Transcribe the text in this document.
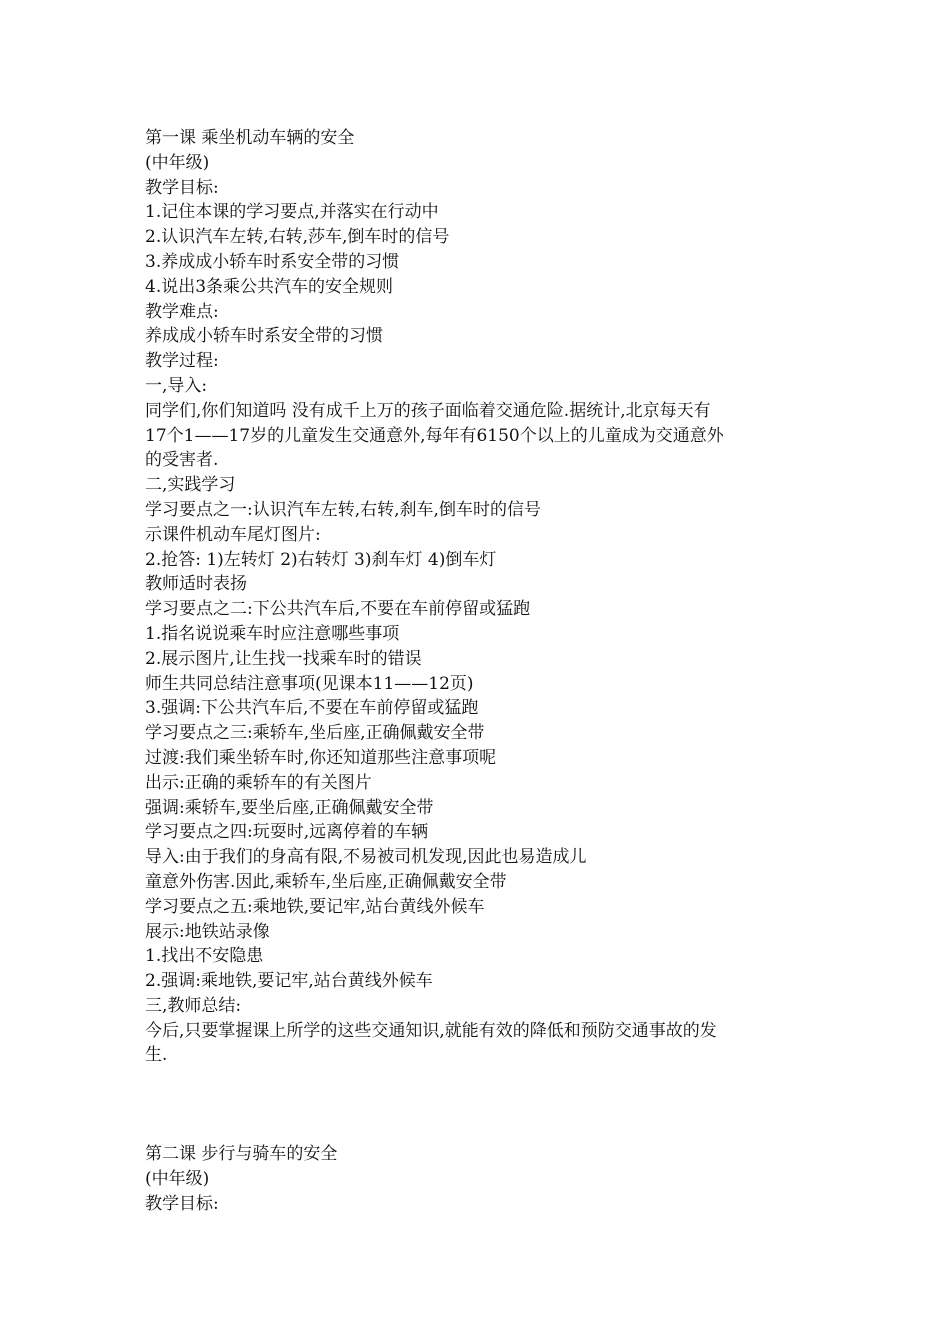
第一课 乘坐机动车辆的安全
(中年级)
教学目标:
1.记住本课的学习要点,并落实在行动中
2.认识汽车左转,右转,莎车,倒车时的信号
3.养成成小轿车时系安全带的习惯
4.说出3条乘公共汽车的安全规则
教学难点:
养成成小轿车时系安全带的习惯
教学过程:
一,导入:
同学们,你们知道吗 没有成千上万的孩子面临着交通危险.据统计,北京每天有
17个1——17岁的儿童发生交通意外,每年有6150个以上的儿童成为交通意外
的受害者.
二,实践学习
学习要点之一:认识汽车左转,右转,刹车,倒车时的信号
示课件机动车尾灯图片:
2.抢答: 1)左转灯 2)右转灯 3)刹车灯 4)倒车灯
教师适时表扬
学习要点之二:下公共汽车后,不要在车前停留或猛跑
1.指名说说乘车时应注意哪些事项
2.展示图片,让生找一找乘车时的错误
师生共同总结注意事项(见课本11——12页)
3.强调:下公共汽车后,不要在车前停留或猛跑
学习要点之三:乘轿车,坐后座,正确佩戴安全带
过渡:我们乘坐轿车时,你还知道那些注意事项呢
出示:正确的乘轿车的有关图片
强调:乘轿车,要坐后座,正确佩戴安全带
学习要点之四:玩耍时,远离停着的车辆
导入:由于我们的身高有限,不易被司机发现,因此也易造成儿
童意外伤害.因此,乘轿车,坐后座,正确佩戴安全带
学习要点之五:乘地铁,要记牢,站台黄线外候车
展示:地铁站录像
1.找出不安隐患
2.强调:乘地铁,要记牢,站台黄线外候车
三,教师总结:
今后,只要掌握课上所学的这些交通知识,就能有效的降低和预防交通事故的发
生.
第二课 步行与骑车的安全
(中年级)
教学目标:
